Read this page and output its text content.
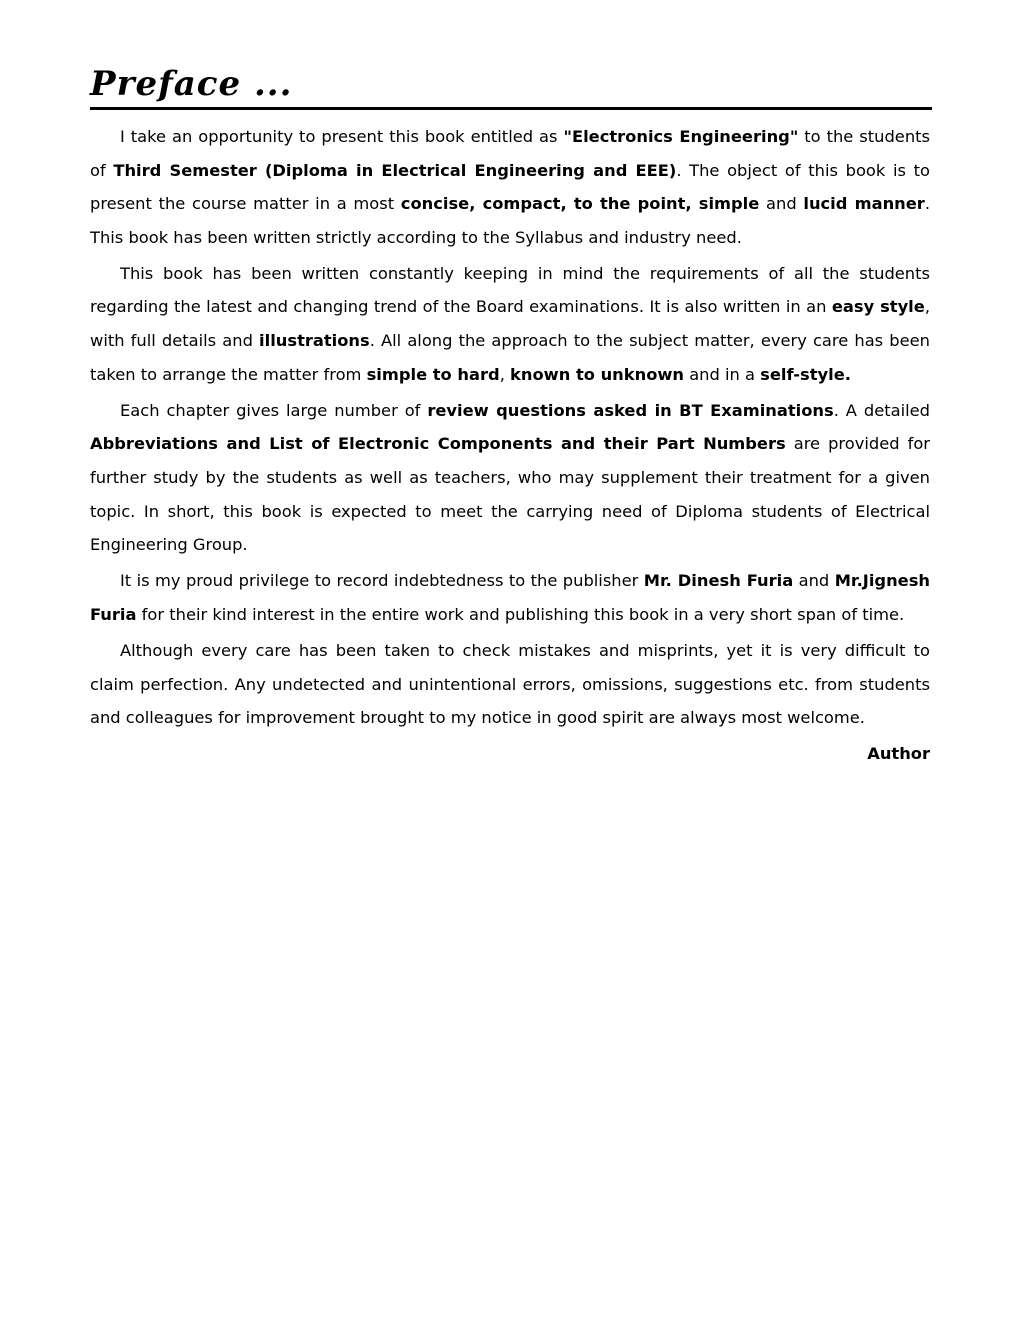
Preface ...

I take an opportunity to present this book entitled as "Electronics Engineering" to the students of Third Semester (Diploma in Electrical Engineering and EEE). The object of this book is to present the course matter in a most concise, compact, to the point, simple and lucid manner. This book has been written strictly according to the Syllabus and industry need.

This book has been written constantly keeping in mind the requirements of all the students regarding the latest and changing trend of the Board examinations. It is also written in an easy style, with full details and illustrations. All along the approach to the subject matter, every care has been taken to arrange the matter from simple to hard, known to unknown and in a self-style.

Each chapter gives large number of review questions asked in BT Examinations. A detailed Abbreviations and List of Electronic Components and their Part Numbers are provided for further study by the students as well as teachers, who may supplement their treatment for a given topic. In short, this book is expected to meet the carrying need of Diploma students of Electrical Engineering Group.

It is my proud privilege to record indebtedness to the publisher Mr. Dinesh Furia and Mr.Jignesh Furia for their kind interest in the entire work and publishing this book in a very short span of time.

Although every care has been taken to check mistakes and misprints, yet it is very difficult to claim perfection. Any undetected and unintentional errors, omissions, suggestions etc. from students and colleagues for improvement brought to my notice in good spirit are always most welcome.

Author
